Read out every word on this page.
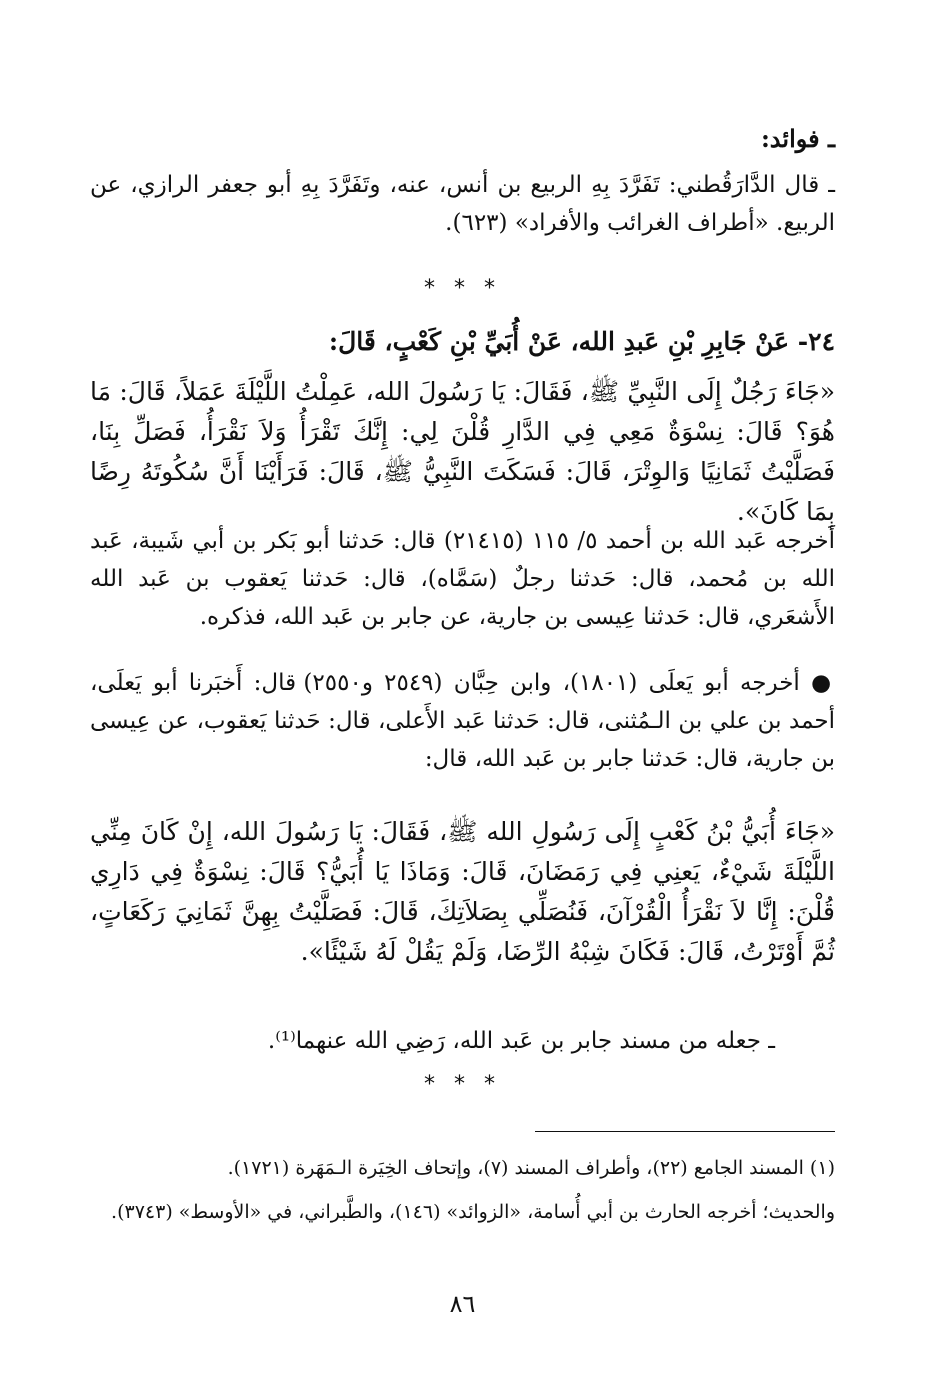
ـ فوائد:
ـ قال الدَّارَقُطني: تَفَرَّدَ بِهِ الربيع بن أنس، عنه، وتَفَرَّدَ بِهِ أبو جعفر الرازي، عن الربيع. «أطراف الغرائب والأفراد» (٦٢٣).
* * *
٢٤- عَنْ جَابِرِ بْنِ عَبدِ الله، عَنْ أُبَيِّ بْنِ كَعْبٍ، قَالَ:
«جَاءَ رَجُلٌ إِلَى النَّبِيِّ ﷺ، فَقَالَ: يَا رَسُولَ الله، عَمِلْتُ اللَّيْلَةَ عَمَلاً، قَالَ: مَا هُوَ؟ قَالَ: نِسْوَةٌ مَعِي فِي الدَّارِ قُلْنَ لِي: إِنَّكَ تَقْرَأُ وَلاَ نَقْرَأُ، فَصَلِّ بِنَا، فَصَلَّيْتُ ثَمَانِيًا وَالوِتْرَ، قَالَ: فَسَكَتَ النَّبِيُّ ﷺ، قَالَ: فَرَأَيْنَا أَنَّ سُكُوتَهُ رِضًا بِمَا كَانَ».
أخرجه عَبد الله بن أحمد ٥/ ١١٥ (٢١٤١٥) قال: حَدثنا أبو بَكر بن أبي شَيبة، عَبد الله بن مُحمد، قال: حَدثنا رجلٌ (سَمَّاه)، قال: حَدثنا يَعقوب بن عَبد الله الأَشعَري، قال: حَدثنا عِيسى بن جارية، عن جابر بن عَبد الله، فذكره.
● أخرجه أبو يَعلَى (١٨٠١)، وابن حِبَّان (٢٥٤٩ و٢٥٥٠) قال: أَخبَرنا أبو يَعلَى، أحمد بن علي بن الـمُثنى، قال: حَدثنا عَبد الأَعلى، قال: حَدثنا يَعقوب، عن عِيسى بن جارية، قال: حَدثنا جابر بن عَبد الله، قال:
«جَاءَ أُبَيُّ بْنُ كَعْبٍ إِلَى رَسُولِ الله ﷺ، فَقَالَ: يَا رَسُولَ الله، إِنْ كَانَ مِنِّي اللَّيْلَةَ شَيْءٌ، يَعنِي فِي رَمَضَانَ، قَالَ: وَمَاذَا يَا أُبَيُّ؟ قَالَ: نِسْوَةٌ فِي دَارِي قُلْنَ: إِنَّا لاَ نَقْرَأُ الْقُرْآنَ، فَنُصَلِّي بِصَلاَتِكَ، قَالَ: فَصَلَّيْتُ بِهِنَّ ثَمَانِيَ رَكَعَاتٍ، ثُمَّ أَوْتَرْتُ، قَالَ: فَكَانَ شِبْهُ الرِّضَا، وَلَمْ يَقُلْ لَهُ شَيْئًا».
ـ جعله من مسند جابر بن عَبد الله، رَضِي الله عنهما⁽¹⁾.
* * *
(١) المسند الجامع (٢٢)، وأطراف المسند (٧)، وإتحاف الخِيَرة الـمَهَرة (١٧٢١).
والحديث؛ أخرجه الحارث بن أبي أُسامة، «الزوائد» (١٤٦)، والطَّبراني، في «الأوسط» (٣٧٤٣).
٨٦
